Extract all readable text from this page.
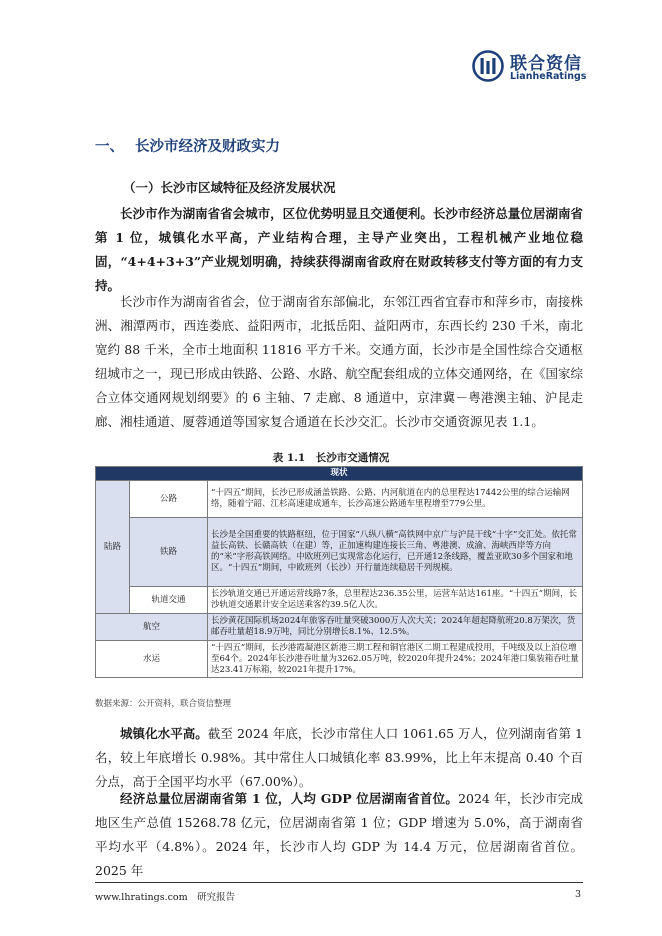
联合资信
LianheRatings
一、 长沙市经济及财政实力
（一）长沙市区域特征及经济发展状况

长沙市作为湖南省省会城市，区位优势明显且交通便利。长沙市经济总量位居湖南省第 1 位，城镇化水平高，产业结构合理，主导产业突出，工程机械产业地位稳固，“4+4+3+3”产业规划明确，持续获得湖南省政府在财政转移支付等方面的有力支持。

长沙市作为湖南省省会，位于湖南省东部偏北，东邻江西省宜春市和萍乡市，南接株洲、湘潭两市，西连娄底、益阳两市，北抵岳阳、益阳两市，东西长约 230 千米，南北宽约 88 千米，全市土地面积 11816 平方千米。交通方面，长沙市是全国性综合交通枢纽城市之一，现已形成由铁路、公路、水路、航空配套组成的立体交通网络，在《国家综合立体交通网规划纲要》的 6 主轴、7 走廊、8 通道中，京津冀－粤港澳主轴、沪昆走廊、湘桂通道、厦蓉通道等国家复合通道在长沙交汇。长沙市交通资源见表 1.1。

表 1.1　长沙市交通情况
现状		
陆路	公路	“十四五”期间，长沙已形成涵盖铁路、公路、内河航道在内的总里程达17442公里的综合运输网络，随着宁韶、江杉高速建成通车，长沙高速公路通车里程增至779公里。
	铁路	长沙是全国重要的铁路枢纽，位于国家“八纵八横”高铁网中京广与沪昆干线“十字”交汇处。依托常益长高铁、长赣高铁（在建）等，正加速构建连接长三角、粤港澳、成渝、海峡西岸等方向的“米”字形高铁网络。中欧班列已实现常态化运行，已开通12条线路，覆盖亚欧30多个国家和地区。“十四五”期间，中欧班列（长沙）开行量连续稳居千列规模。
	轨道交通	长沙轨道交通已开通运营线路7条，总里程达236.35公里，运营车站达161座。“十四五”期间，长沙轨道交通累计安全运送乘客约39.5亿人次。
航空		长沙黄花国际机场2024年旅客吞吐量突破3000万人次大关；2024年超起降航班20.8万架次，货邮吞吐量超18.9万吨，同比分别增长8.1%、12.5%。
水运		“十四五”期间，长沙港霞凝港区新港三期工程和铜官港区二期工程建成投用，千吨级及以上泊位增至64个。2024年长沙港吞吐量为3262.05万吨，较2020年提升24%；2024年港口集装箱吞吐量达23.41万标箱，较2021年提升17%。
数据来源：公开资料，联合资信整理

城镇化水平高。截至 2024 年底，长沙市常住人口 1061.65 万人，位列湖南省第 1 名，较上年底增长 0.98%。其中常住人口城镇化率 83.99%，比上年末提高 0.40 个百分点，高于全国平均水平（67.00%）。

经济总量位居湖南省第 1 位，人均 GDP 位居湖南省首位。2024 年，长沙市完成地区生产总值 15268.78 亿元，位居湖南省第 1 位；GDP 增速为 5.0%，高于湖南省平均水平（4.8%）。2024 年，长沙市人均 GDP 为 14.4 万元，位居湖南省首位。2025 年

www.lhratings.com　研究报告	3
